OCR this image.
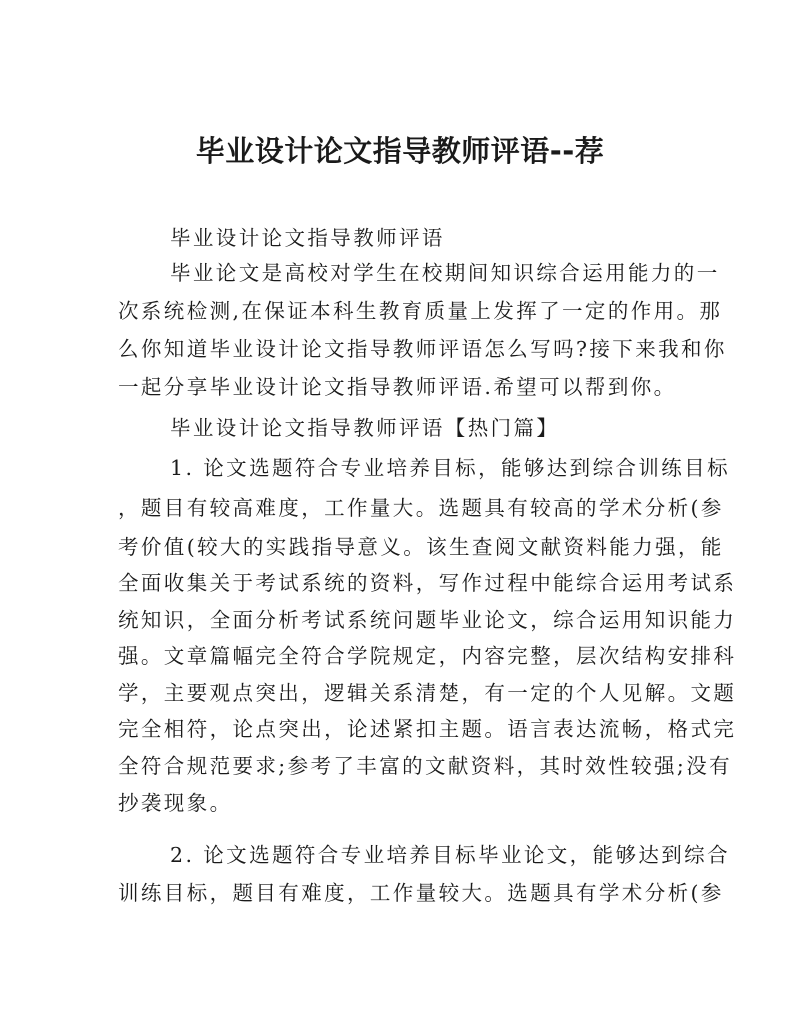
毕业设计论文指导教师评语--荐

毕业设计论文指导教师评语

毕业论文是高校对学生在校期间知识综合运用能力的一

次系统检测,在保证本科生教育质量上发挥了一定的作用。那

么你知道毕业设计论文指导教师评语怎么写吗?接下来我和你

一起分享毕业设计论文指导教师评语.希望可以帮到你。

毕业设计论文指导教师评语【热门篇】

1. 论文选题符合专业培养目标，能够达到综合训练目标

，题目有较高难度，工作量大。选题具有较高的学术分析(参

考价值(较大的实践指导意义。该生查阅文献资料能力强，能

全面收集关于考试系统的资料，写作过程中能综合运用考试系

统知识，全面分析考试系统问题毕业论文，综合运用知识能力

强。文章篇幅完全符合学院规定，内容完整，层次结构安排科

学，主要观点突出，逻辑关系清楚，有一定的个人见解。文题

完全相符，论点突出，论述紧扣主题。语言表达流畅，格式完

全符合规范要求;参考了丰富的文献资料，其时效性较强;没有

抄袭现象。

2. 论文选题符合专业培养目标毕业论文，能够达到综合

训练目标，题目有难度，工作量较大。选题具有学术分析(参
